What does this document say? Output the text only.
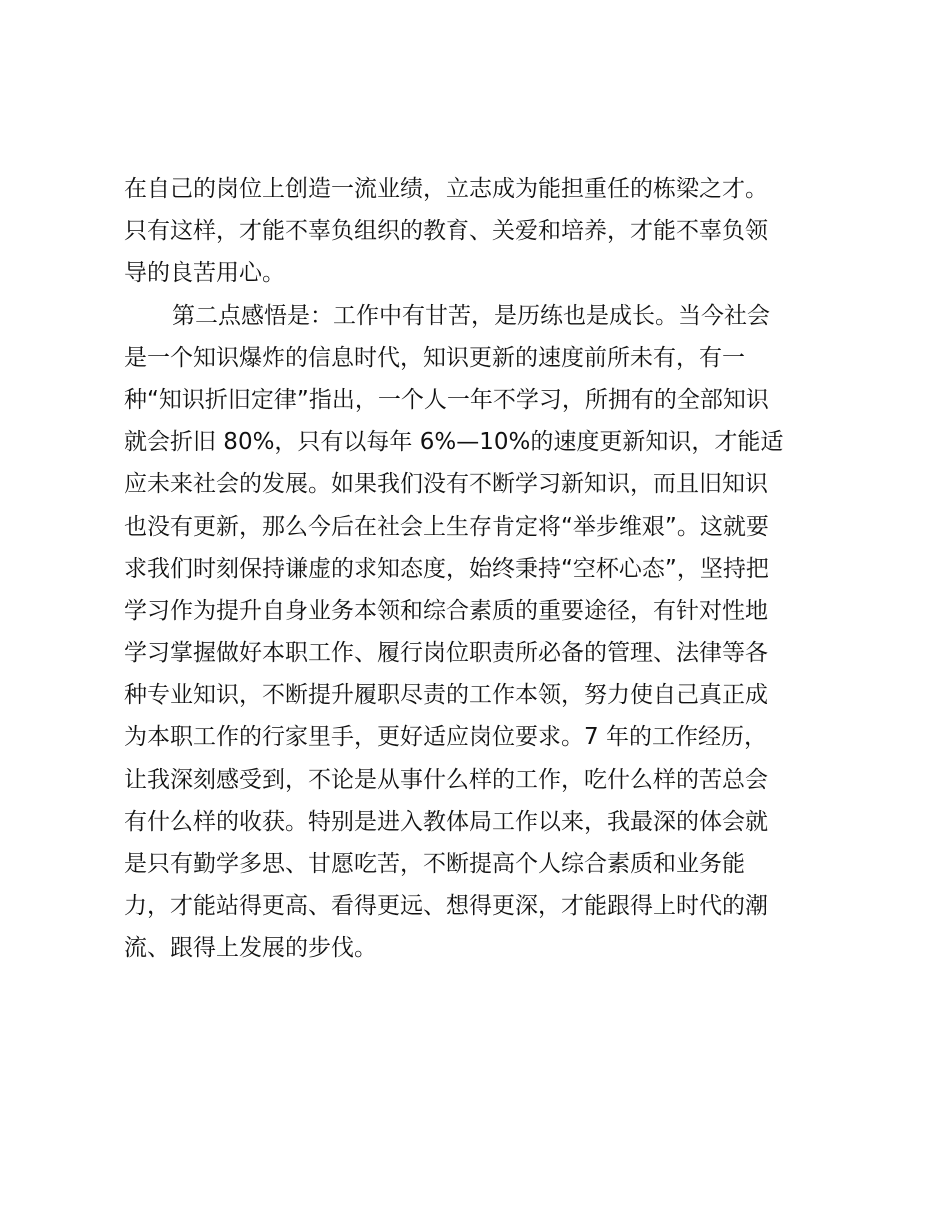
在自己的岗位上创造一流业绩，立志成为能担重任的栋梁之才。
只有这样，才能不辜负组织的教育、关爱和培养，才能不辜负领
导的良苦用心。
第二点感悟是：工作中有甘苦，是历练也是成长。当今社会
是一个知识爆炸的信息时代，知识更新的速度前所未有，有一
种“知识折旧定律”指出，一个人一年不学习，所拥有的全部知识
就会折旧 80%，只有以每年 6%—10%的速度更新知识，才能适
应未来社会的发展。如果我们没有不断学习新知识，而且旧知识
也没有更新，那么今后在社会上生存肯定将“举步维艰”。这就要
求我们时刻保持谦虚的求知态度，始终秉持“空杯心态”，坚持把
学习作为提升自身业务本领和综合素质的重要途径，有针对性地
学习掌握做好本职工作、履行岗位职责所必备的管理、法律等各
种专业知识，不断提升履职尽责的工作本领，努力使自己真正成
为本职工作的行家里手，更好适应岗位要求。7 年的工作经历，
让我深刻感受到，不论是从事什么样的工作，吃什么样的苦总会
有什么样的收获。特别是进入教体局工作以来，我最深的体会就
是只有勤学多思、甘愿吃苦，不断提高个人综合素质和业务能
力，才能站得更高、看得更远、想得更深，才能跟得上时代的潮
流、跟得上发展的步伐。
